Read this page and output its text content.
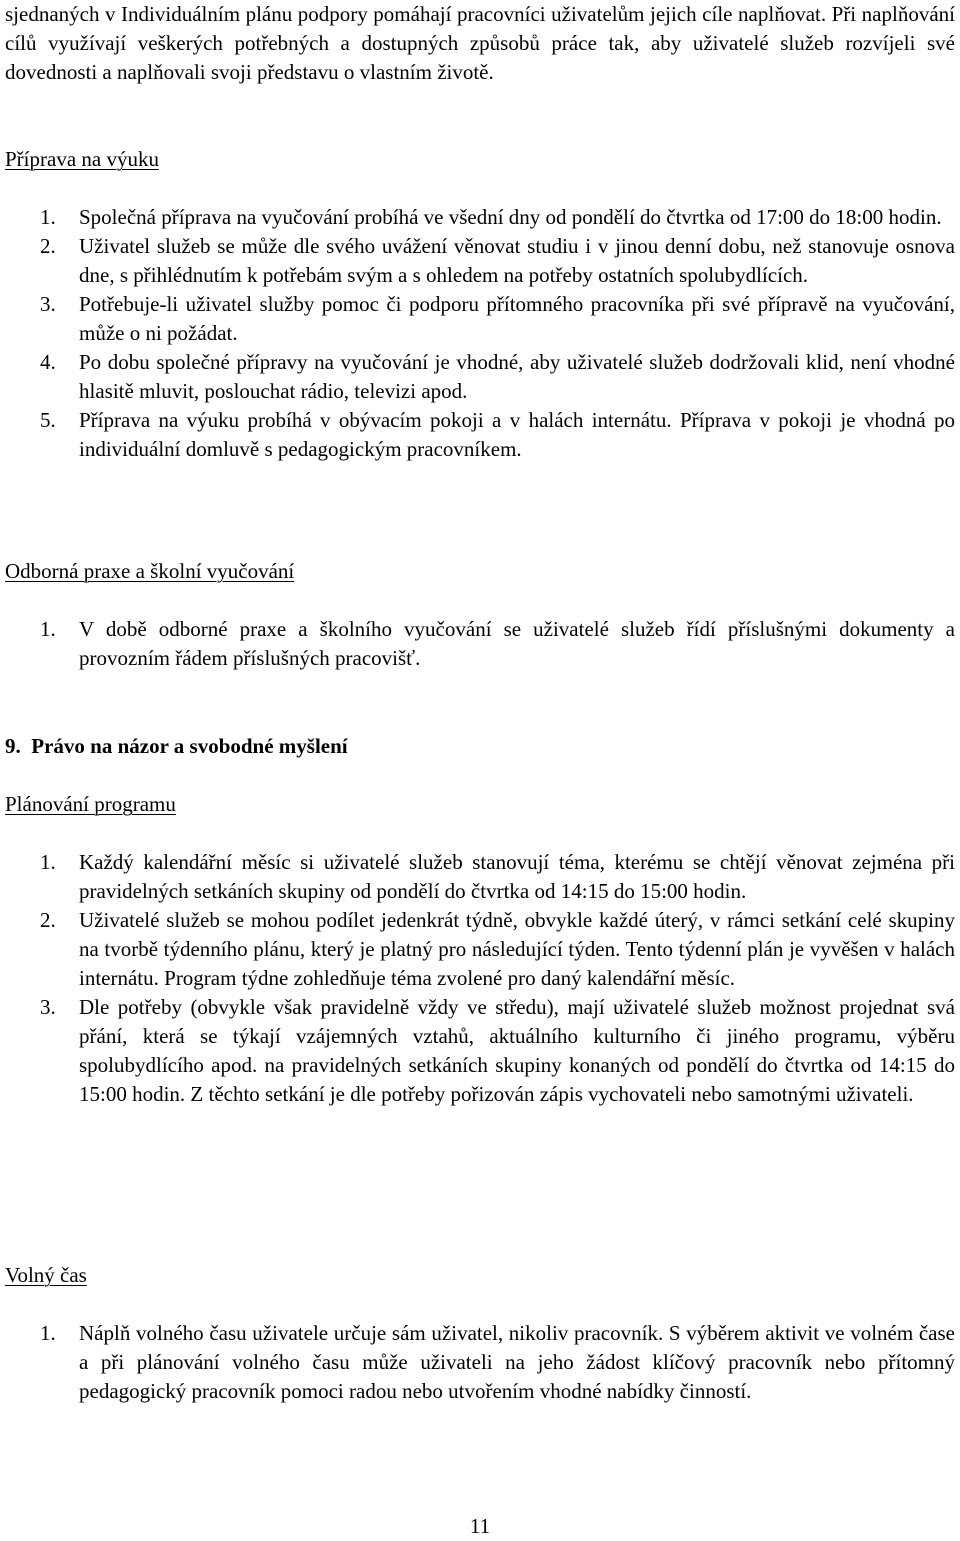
sjednaných v Individuálním plánu podpory pomáhají pracovníci uživatelům jejich cíle naplňovat. Při naplňování cílů využívají veškerých potřebných a dostupných způsobů práce tak, aby uživatelé služeb rozvíjeli své dovednosti a naplňovali svoji představu o vlastním životě.

Příprava na výuku
1. Společná příprava na vyučování probíhá ve všední dny od pondělí do čtvrtka od 17:00 do 18:00 hodin.
2. Uživatel služeb se může dle svého uvážení věnovat studiu i v jinou denní dobu, než stanovuje osnova dne, s přihlédnutím k potřebám svým a s ohledem na potřeby ostatních spolubydlících.
3. Potřebuje-li uživatel služby pomoc či podporu přítomného pracovníka při své přípravě na vyučování, může o ni požádat.
4. Po dobu společné přípravy na vyučování je vhodné, aby uživatelé služeb dodržovali klid, není vhodné hlasitě mluvit, poslouchat rádio, televizi apod.
5. Příprava na výuku probíhá v obývacím pokoji a v halách internátu. Příprava v pokoji je vhodná po individuální domluvě s pedagogickým pracovníkem.
Odborná praxe a školní vyučování
1. V době odborné praxe a školního vyučování se uživatelé služeb řídí příslušnými dokumenty a provozním řádem příslušných pracovišť.
9.  Právo na názor a svobodné myšlení
Plánování programu
1. Každý kalendářní měsíc si uživatelé služeb stanovují téma, kterému se chtějí věnovat zejména při pravidelných setkáních skupiny od pondělí do čtvrtka od 14:15 do 15:00 hodin.
2. Uživatelé služeb se mohou podílet jedenkrát týdně, obvykle každé úterý, v rámci setkání celé skupiny na tvorbě týdenního plánu, který je platný pro následující týden. Tento týdenní plán je vyvěšen v halách internátu. Program týdne zohledňuje téma zvolené pro daný kalendářní měsíc.
3. Dle potřeby (obvykle však pravidelně vždy ve středu), mají uživatelé služeb možnost projednat svá přání, která se týkají vzájemných vztahů, aktuálního kulturního či jiného programu, výběru spolubydlícího apod. na pravidelných setkáních skupiny konaných od pondělí do čtvrtka od 14:15 do 15:00 hodin. Z těchto setkání je dle potřeby pořizován zápis vychovateli nebo samotnými uživateli.
Volný čas
1. Náplň volného času uživatele určuje sám uživatel, nikoliv pracovník. S výběrem aktivit ve volném čase a při plánování volného času může uživateli na jeho žádost klíčový pracovník nebo přítomný pedagogický pracovník pomoci radou nebo utvořením vhodné nabídky činností.
11
